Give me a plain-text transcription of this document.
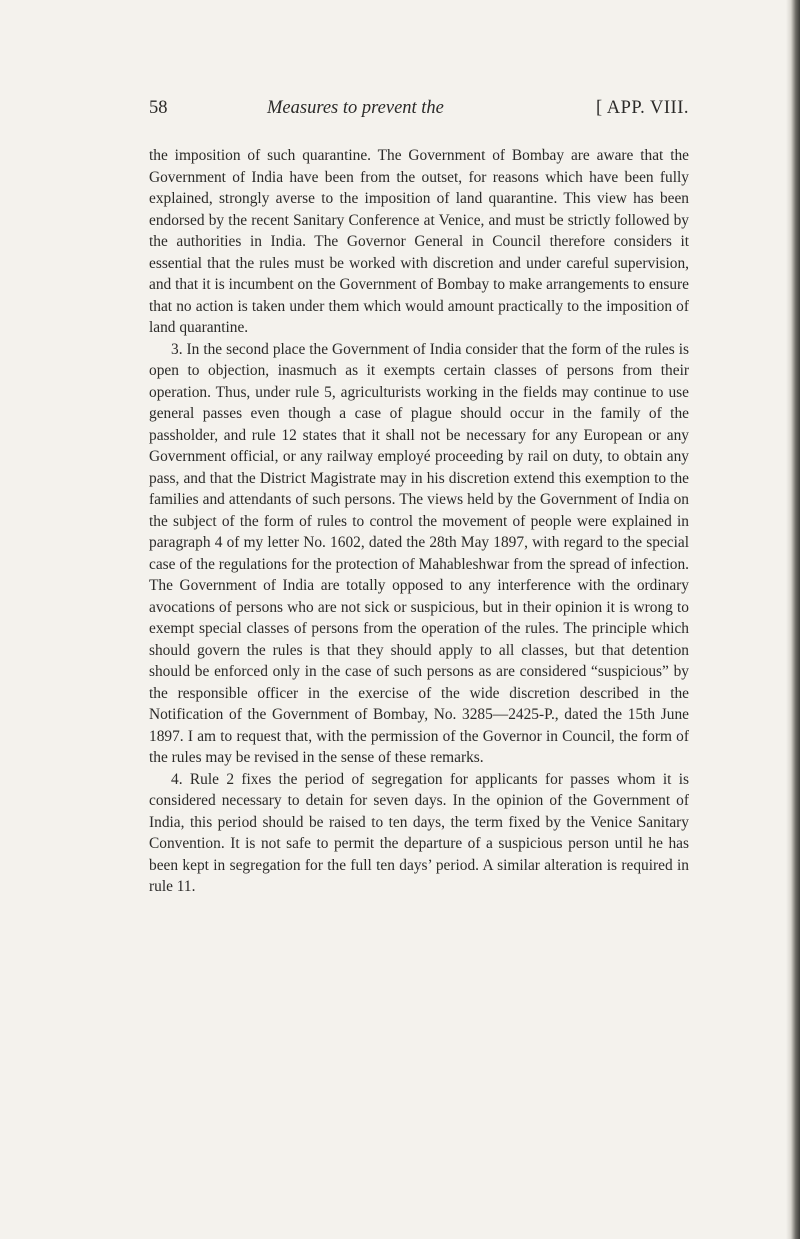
58	Measures to prevent the	[ APP. VIII.

the imposition of such quarantine. The Government of Bombay are aware that the Government of India have been from the outset, for reasons which have been fully explained, strongly averse to the imposition of land quarantine. This view has been endorsed by the recent Sanitary Conference at Venice, and must be strictly followed by the authorities in India. The Governor General in Council therefore considers it essential that the rules must be worked with discretion and under careful supervision, and that it is incumbent on the Government of Bombay to make arrangements to ensure that no action is taken under them which would amount practically to the imposition of land quarantine.

3. In the second place the Government of India consider that the form of the rules is open to objection, inasmuch as it exempts certain classes of persons from their operation. Thus, under rule 5, agriculturists working in the fields may continue to use general passes even though a case of plague should occur in the family of the passholder, and rule 12 states that it shall not be necessary for any European or any Government official, or any railway employé proceeding by rail on duty, to obtain any pass, and that the District Magistrate may in his discretion extend this exemption to the families and attendants of such persons. The views held by the Government of India on the subject of the form of rules to control the movement of people were explained in paragraph 4 of my letter No. 1602, dated the 28th May 1897, with regard to the special case of the regulations for the protection of Mahableshwar from the spread of infection. The Government of India are totally opposed to any interference with the ordinary avocations of persons who are not sick or suspicious, but in their opinion it is wrong to exempt special classes of persons from the operation of the rules. The principle which should govern the rules is that they should apply to all classes, but that detention should be enforced only in the case of such persons as are considered “suspicious” by the responsible officer in the exercise of the wide discretion described in the Notification of the Government of Bombay, No. 3285—2425-P., dated the 15th June 1897. I am to request that, with the permission of the Governor in Council, the form of the rules may be revised in the sense of these remarks.

4. Rule 2 fixes the period of segregation for applicants for passes whom it is considered necessary to detain for seven days. In the opinion of the Government of India, this period should be raised to ten days, the term fixed by the Venice Sanitary Convention. It is not safe to permit the departure of a suspicious person until he has been kept in segregation for the full ten days’ period. A similar alteration is required in rule 11.
